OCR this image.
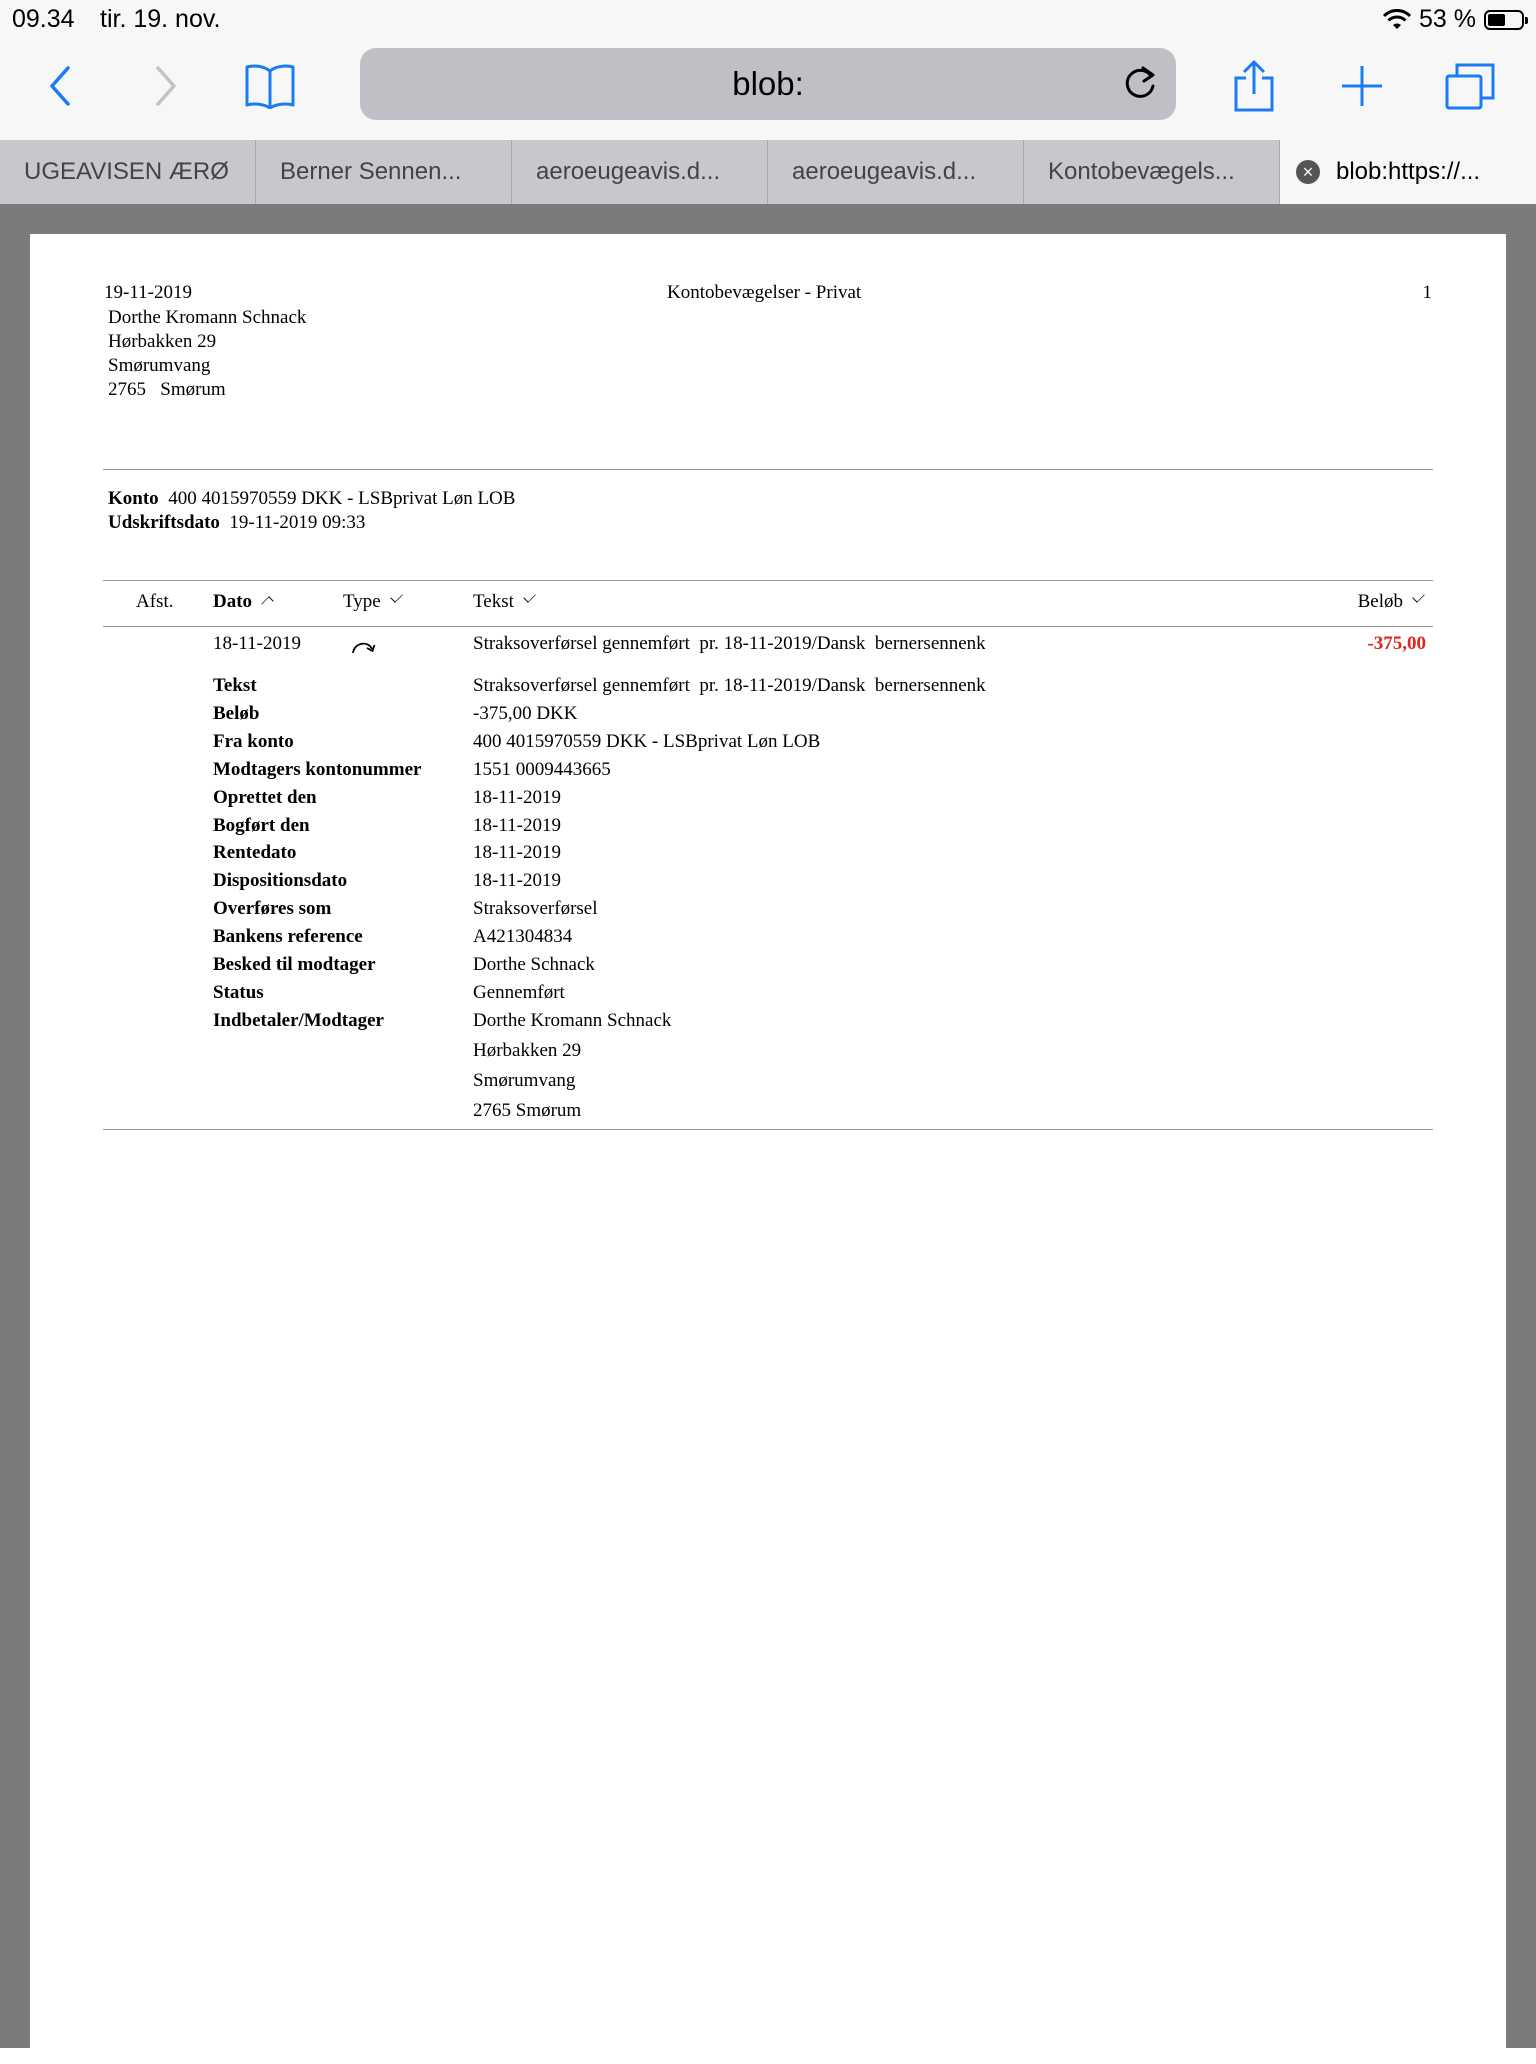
09.34 tir. 19. nov.	53 %
blob:
UGEAVISEN ÆRØ	Berner Sennen...	aeroeugeavis.d...	aeroeugeavis.d...	Kontobevægels...	× blob:https://...
19-11-2019	Kontobevægelser - Privat	1
Dorthe Kromann Schnack
Hørbakken 29
Smørumvang
2765   Smørum
Konto 400 4015970559 DKK - LSBprivat Løn LOB
Udskriftsdato 19-11-2019 09:33
Afst. Dato	Type	Tekst	Beløb
18-11-2019	Straksoverførsel gennemført  pr. 18-11-2019/Dansk  bernersennenk	-375,00
Tekst	Straksoverførsel gennemført  pr. 18-11-2019/Dansk  bernersennenk
Beløb	-375,00 DKK
Fra konto	400 4015970559 DKK - LSBprivat Løn LOB
Modtagers kontonummer	1551 0009443665
Oprettet den	18-11-2019
Bogført den	18-11-2019
Rentedato	18-11-2019
Dispositionsdato	18-11-2019
Overføres som	Straksoverførsel
Bankens reference	A421304834
Besked til modtager	Dorthe Schnack
Status	Gennemført
Indbetaler/Modtager	Dorthe Kromann Schnack
Hørbakken 29
Smørumvang
2765 Smørum
